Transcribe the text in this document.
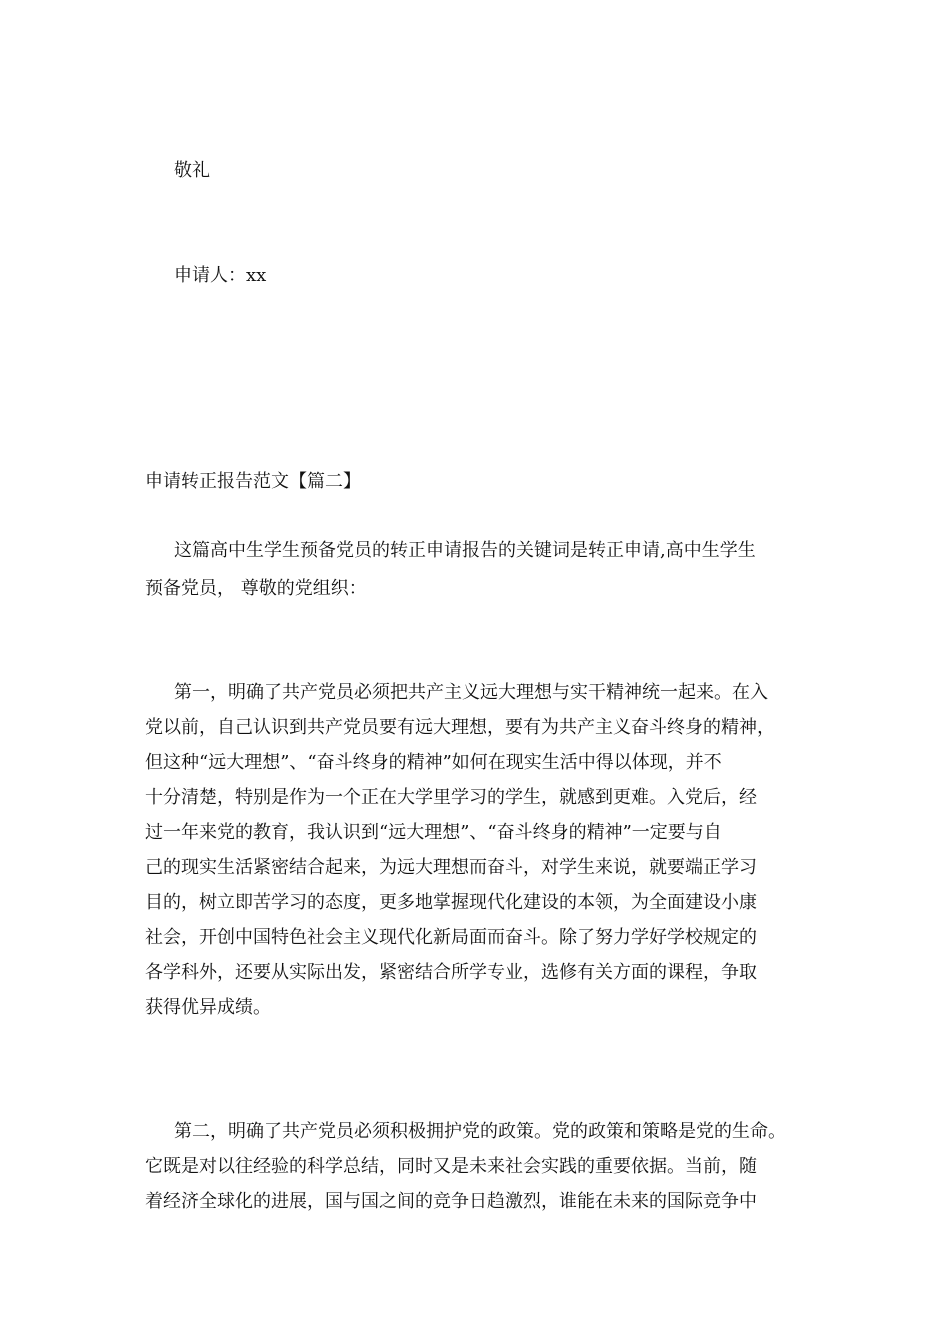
敬礼
申请人：xx
申请转正报告范文【篇二】
这篇高中生学生预备党员的转正申请报告的关键词是转正申请,高中生学生
预备党员， 尊敬的党组织：
第一，明确了共产党员必须把共产主义远大理想与实干精神统一起来。在入
党以前，自己认识到共产党员要有远大理想，要有为共产主义奋斗终身的精神，
但这种“远大理想”、“奋斗终身的精神”如何在现实生活中得以体现，并不
十分清楚，特别是作为一个正在大学里学习的学生，就感到更难。入党后，经
过一年来党的教育，我认识到“远大理想”、“奋斗终身的精神”一定要与自
己的现实生活紧密结合起来，为远大理想而奋斗，对学生来说，就要端正学习
目的，树立即苦学习的态度，更多地掌握现代化建设的本领，为全面建设小康
社会，开创中国特色社会主义现代化新局面而奋斗。除了努力学好学校规定的
各学科外，还要从实际出发，紧密结合所学专业，选修有关方面的课程，争取
获得优异成绩。
第二，明确了共产党员必须积极拥护党的政策。党的政策和策略是党的生命。
它既是对以往经验的科学总结，同时又是未来社会实践的重要依据。当前，随
着经济全球化的进展，国与国之间的竞争日趋激烈，谁能在未来的国际竞争中
